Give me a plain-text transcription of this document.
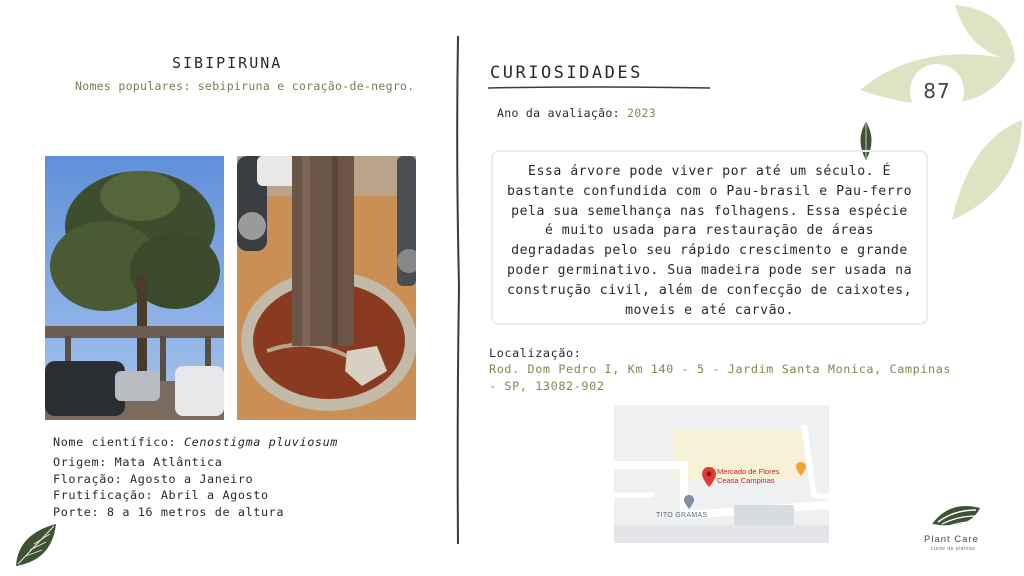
SIBIPIRUNA
Nomes populares: sebipiruna e coração-de-negro.
Nome científico: Cenostigma pluviosum
Origem: Mata Atlântica
Floração: Agosto a Janeiro
Frutificação: Abril a Agosto
Porte: 8 a 16 metros de altura
CURIOSIDADES
Ano da avaliação: 2023
Essa árvore pode viver por até um século. É bastante confundida com o Pau-brasil e Pau-ferro pela sua semelhança nas folhagens. Essa espécie é muito usada para restauração de áreas degradadas pelo seu rápido crescimento e grande poder germinativo. Sua madeira pode ser usada na construção civil, além de confecção de caixotes, moveis e até carvão.
Localização:
Rod. Dom Pedro I, Km 140 - 5 - Jardim Santa Monica, Campinas - SP, 13082-902
Mercado de Flores
Ceasa Campinas
TITO GRAMAS
87
Plant Care
cuide de plantas
